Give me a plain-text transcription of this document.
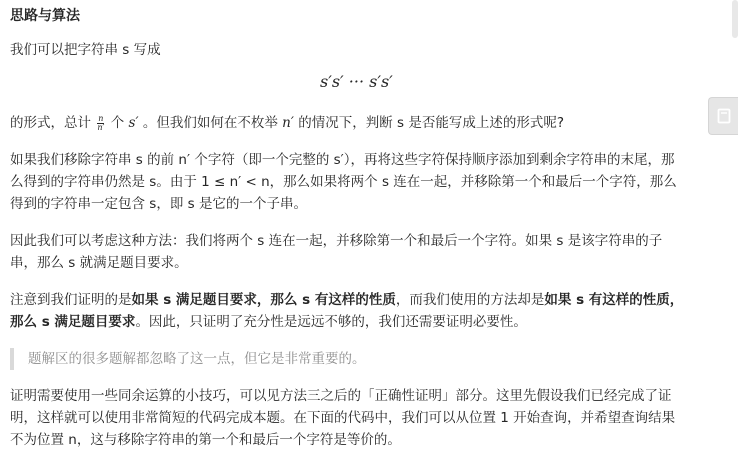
思路与算法
我们可以把字符串 s 写成
s′s′ ··· s′s′
的形式，总计 $\frac{n}{n'}$ 个 s′ 。但我们如何在不枚举 n′ 的情况下，判断 s 是否能写成上述的形式呢?
如果我们移除字符串 s 的前 n′ 个字符（即一个完整的 s′），再将这些字符保持顺序添加到剩余字符串的末尾，那
么得到的字符串仍然是 s。由于 1 ≤ n′ < n，那么如果将两个 s 连在一起，并移除第一个和最后一个字符，那么
得到的字符串一定包含 s，即 s 是它的一个子串。
因此我们可以考虑这种方法：我们将两个 s 连在一起，并移除第一个和最后一个字符。如果 s 是该字符串的子
串，那么 s 就满足题目要求。
注意到我们证明的是如果 s 满足题目要求，那么 s 有这样的性质，而我们使用的方法却是如果 s 有这样的性质，
那么 s 满足题目要求。因此，只证明了充分性是远远不够的，我们还需要证明必要性。
题解区的很多题解都忽略了这一点，但它是非常重要的。
证明需要使用一些同余运算的小技巧，可以见方法三之后的「正确性证明」部分。这里先假设我们已经完成了证
明，这样就可以使用非常简短的代码完成本题。在下面的代码中，我们可以从位置 1 开始查询，并希望查询结果
不为位置 n，这与移除字符串的第一个和最后一个字符是等价的。
